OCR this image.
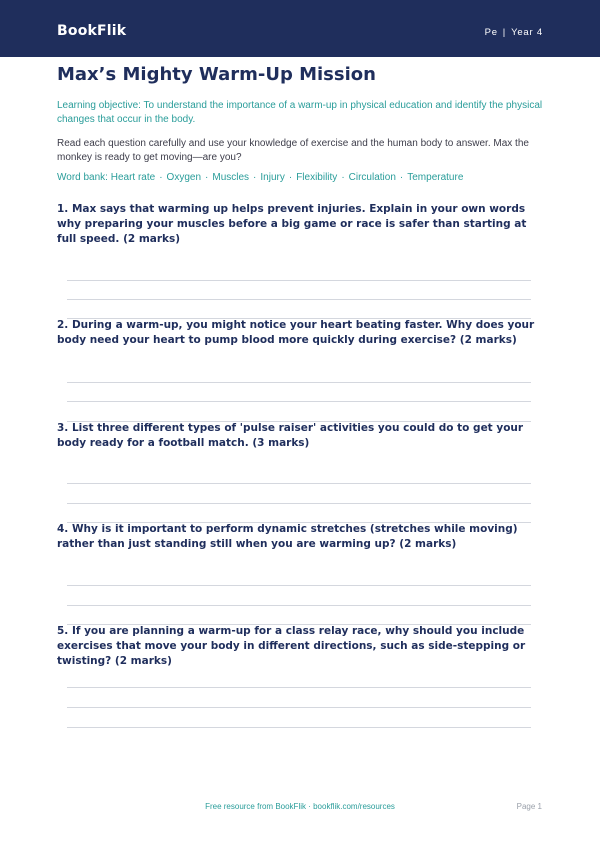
BookFlik	Pe | Year 4
Max’s Mighty Warm-Up Mission

Learning objective: To understand the importance of a warm-up in physical education and identify the physical changes that occur in the body.

Read each question carefully and use your knowledge of exercise and the human body to answer. Max the monkey is ready to get moving—are you?

Word bank: Heart rate · Oxygen · Muscles · Injury · Flexibility · Circulation · Temperature

1. Max says that warming up helps prevent injuries. Explain in your own words why preparing your muscles before a big game or race is safer than starting at full speed. (2 marks)

2. During a warm-up, you might notice your heart beating faster. Why does your body need your heart to pump blood more quickly during exercise? (2 marks)

3. List three different types of 'pulse raiser' activities you could do to get your body ready for a football match. (3 marks)

4. Why is it important to perform dynamic stretches (stretches while moving) rather than just standing still when you are warming up? (2 marks)

5. If you are planning a warm-up for a class relay race, why should you include exercises that move your body in different directions, such as side-stepping or twisting? (2 marks)

Free resource from BookFlik · bookflik.com/resources	Page 1
